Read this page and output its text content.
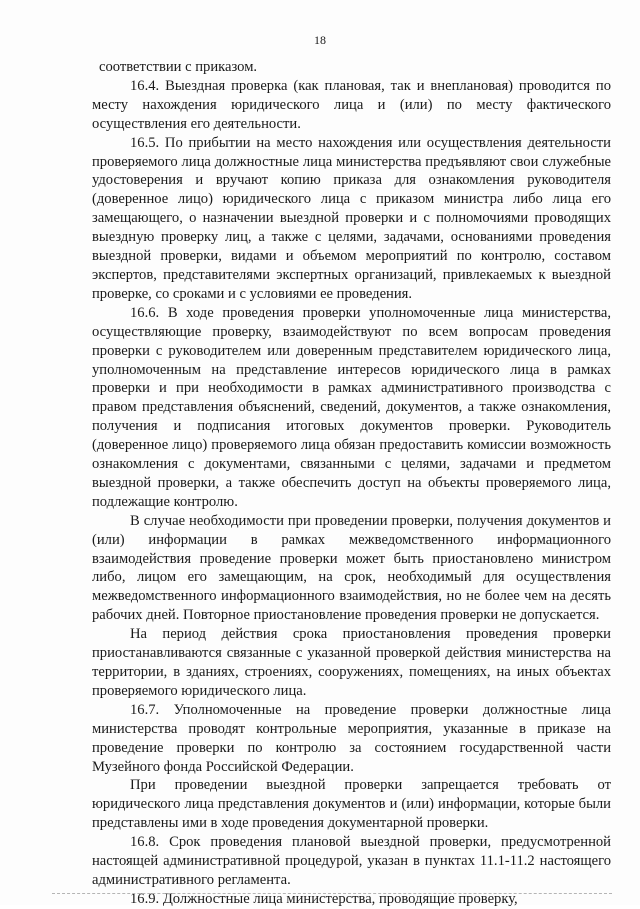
18

соответствии с приказом.

16.4. Выездная проверка (как плановая, так и внеплановая) проводится по месту нахождения юридического лица и (или) по месту фактического осуществления его деятельности.

16.5. По прибытии на место нахождения или осуществления деятельности проверяемого лица должностные лица министерства предъявляют свои служебные удостоверения и вручают копию приказа для ознакомления руководителя (доверенное лицо) юридического лица с приказом министра либо лица его замещающего, о назначении выездной проверки и с полномочиями проводящих выездную проверку лиц, а также с целями, задачами, основаниями проведения выездной проверки, видами и объемом мероприятий по контролю, составом экспертов, представителями экспертных организаций, привлекаемых к выездной проверке, со сроками и с условиями ее проведения.

16.6. В ходе проведения проверки уполномоченные лица министерства, осуществляющие проверку, взаимодействуют по всем вопросам проведения проверки с руководителем или доверенным представителем юридического лица, уполномоченным на представление интересов юридического лица в рамках проверки и при необходимости в рамках административного производства с правом представления объяснений, сведений, документов, а также ознакомления, получения и подписания итоговых документов проверки. Руководитель (доверенное лицо) проверяемого лица обязан предоставить комиссии возможность ознакомления с документами, связанными с целями, задачами и предметом выездной проверки, а также обеспечить доступ на объекты проверяемого лица, подлежащие контролю.

В случае необходимости при проведении проверки, получения документов и (или) информации в рамках межведомственного информационного взаимодействия проведение проверки может быть приостановлено министром либо, лицом его замещающим, на срок, необходимый для осуществления межведомственного информационного взаимодействия, но не более чем на десять рабочих дней. Повторное приостановление проведения проверки не допускается.

На период действия срока приостановления проведения проверки приостанавливаются связанные с указанной проверкой действия министерства на территории, в зданиях, строениях, сооружениях, помещениях, на иных объектах проверяемого юридического лица.

16.7. Уполномоченные на проведение проверки должностные лица министерства проводят контрольные мероприятия, указанные в приказе на проведение проверки по контролю за состоянием государственной части Музейного фонда Российской Федерации.

При проведении выездной проверки запрещается требовать от юридического лица представления документов и (или) информации, которые были представлены ими в ходе проведения документарной проверки.

16.8. Срок проведения плановой выездной проверки, предусмотренной настоящей административной процедурой, указан в пунктах 11.1-11.2 настоящего административного регламента.

16.9. Должностные лица министерства, проводящие проверку,
